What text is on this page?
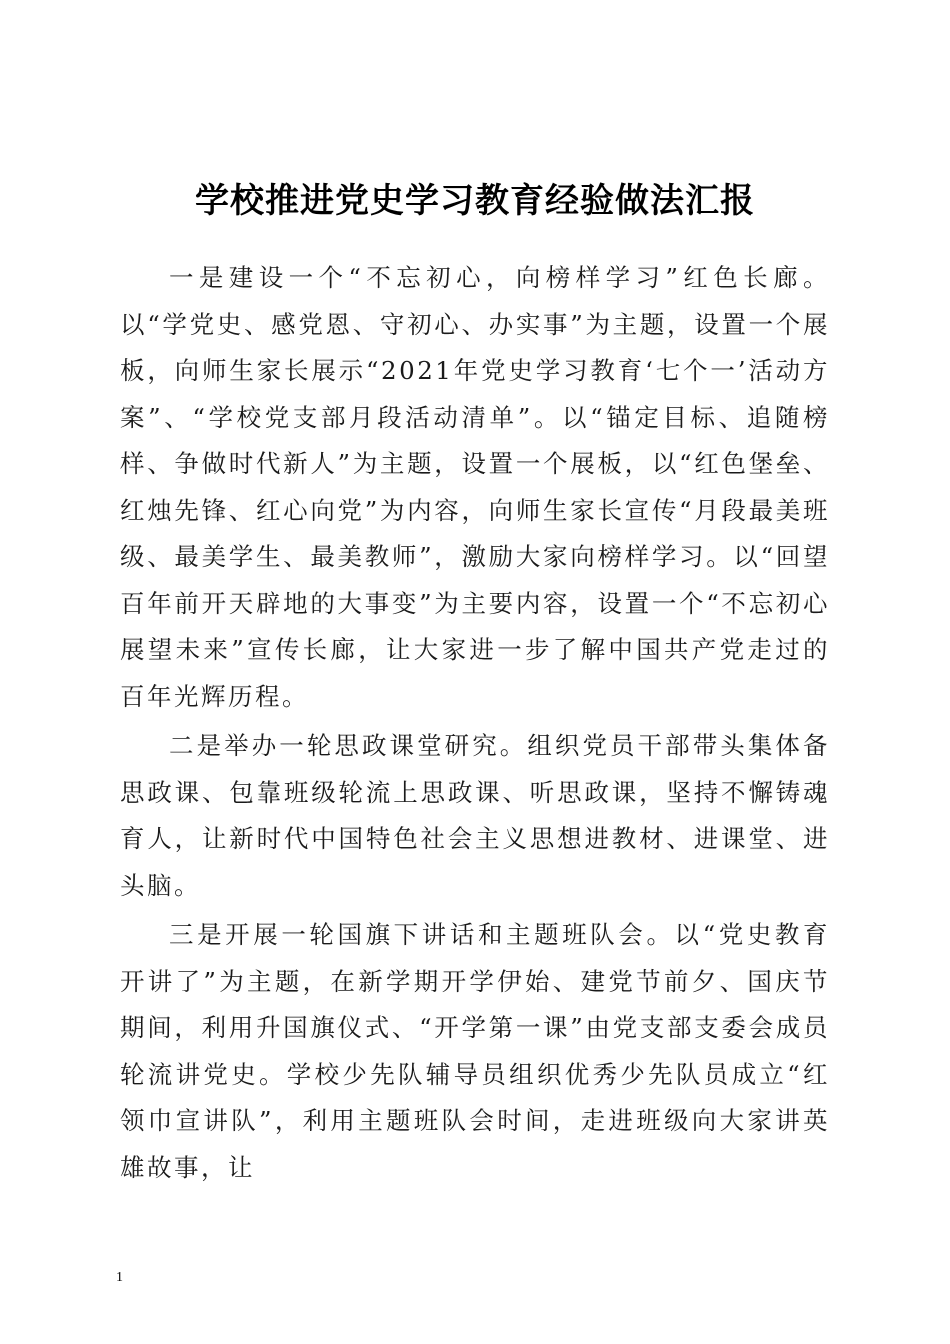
学校推进党史学习教育经验做法汇报

一是建设一个“不忘初心，向榜样学习”红色长廊。以“学党史、感党恩、守初心、办实事”为主题，设置一个展板，向师生家长展示“2021年党史学习教育‘七个一’活动方案”、“学校党支部月段活动清单”。以“锚定目标、追随榜样、争做时代新人”为主题，设置一个展板，以“红色堡垒、红烛先锋、红心向党”为内容，向师生家长宣传“月段最美班级、最美学生、最美教师”，激励大家向榜样学习。以“回望百年前开天辟地的大事变”为主要内容，设置一个“不忘初心展望未来”宣传长廊，让大家进一步了解中国共产党走过的百年光辉历程。

二是举办一轮思政课堂研究。组织党员干部带头集体备思政课、包靠班级轮流上思政课、听思政课，坚持不懈铸魂育人，让新时代中国特色社会主义思想进教材、进课堂、进头脑。

三是开展一轮国旗下讲话和主题班队会。以“党史教育开讲了”为主题，在新学期开学伊始、建党节前夕、国庆节期间，利用升国旗仪式、“开学第一课”由党支部支委会成员轮流讲党史。学校少先队辅导员组织优秀少先队员成立“红领巾宣讲队”，利用主题班队会时间，走进班级向大家讲英雄故事，让

1
